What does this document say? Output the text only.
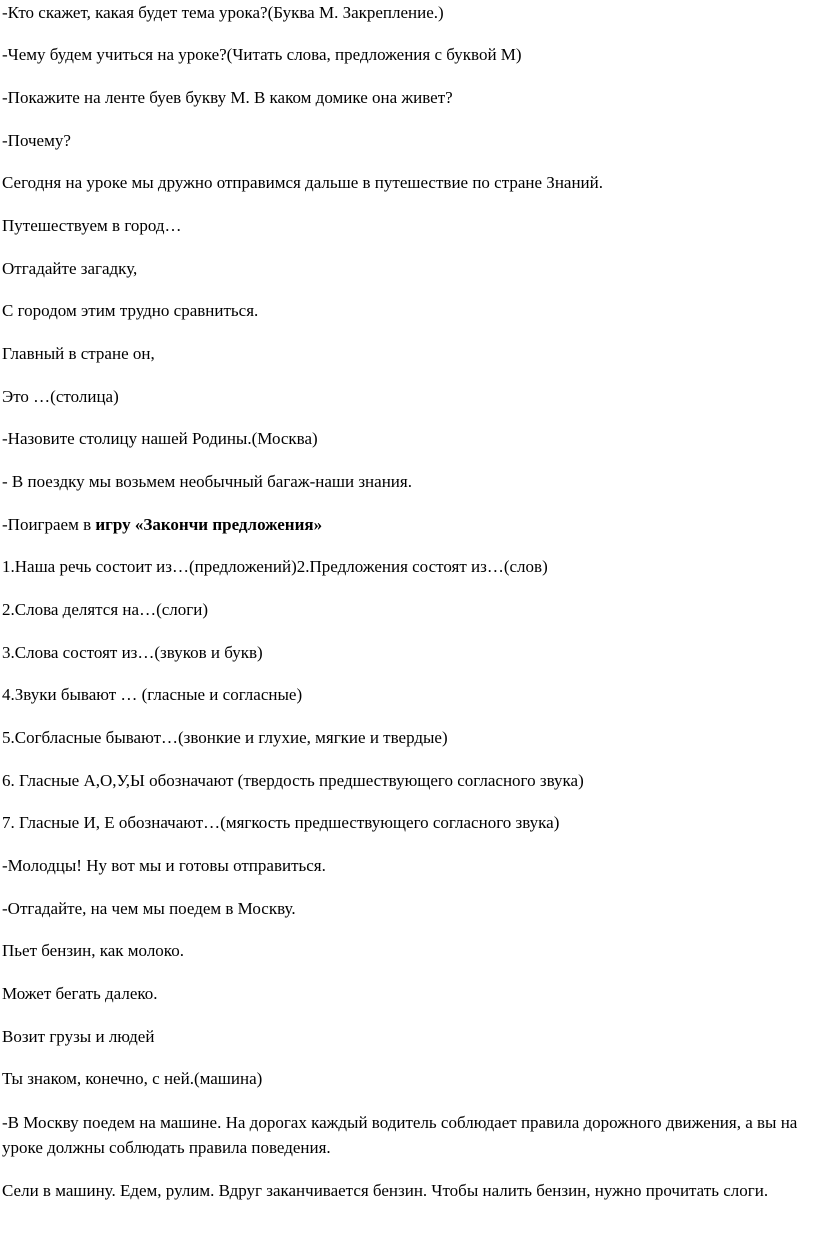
-Кто скажет, какая будет тема урока?(Буква М. Закрепление.)
-Чему будем учиться на уроке?(Читать слова, предложения с буквой М)
-Покажите на ленте буев букву М. В каком домике она живет?
-Почему?
Сегодня на уроке мы дружно отправимся дальше в путешествие по стране Знаний.
Путешествуем в город…
Отгадайте загадку,
С городом этим трудно сравниться.
Главный в стране он,
Это …(столица)
-Назовите столицу нашей Родины.(Москва)
- В поездку мы возьмем необычный багаж-наши знания.
-Поиграем в игру «Закончи предложения»
1.Наша речь состоит из…(предложений)2.Предложения состоят из…(слов)
2.Слова делятся на…(слоги)
3.Слова состоят из…(звуков и букв)
4.Звуки бывают … (гласные и согласные)
5.Согбласные бывают…(звонкие и глухие, мягкие и твердые)
6. Гласные А,О,У,Ы обозначают (твердость предшествующего согласного звука)
7. Гласные И, Е обозначают…(мягкость предшествующего согласного звука)
-Молодцы! Ну вот мы и готовы отправиться.
-Отгадайте, на чем мы поедем в Москву.
Пьет бензин, как молоко.
Может бегать далеко.
Возит грузы и людей
Ты знаком, конечно, с ней.(машина)
-В Москву поедем на машине. На дорогах каждый водитель соблюдает правила дорожного движения, а вы на уроке должны соблюдать правила поведения.
Сели в машину. Едем, рулим. Вдруг заканчивается бензин. Чтобы налить бензин, нужно прочитать слоги.
